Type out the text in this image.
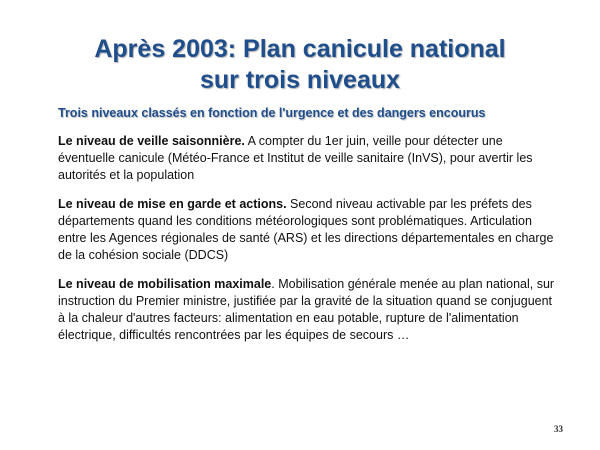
Après 2003: Plan canicule national
sur trois niveaux
Trois niveaux classés en fonction de l'urgence et des dangers encourus

Le niveau de veille saisonnière. A compter du 1er juin, veille pour détecter une éventuelle canicule (Météo-France et Institut de veille sanitaire (InVS), pour avertir les autorités et la population

Le niveau de mise en garde et actions. Second niveau activable par les préfets des départements quand les conditions météorologiques sont problématiques. Articulation entre les Agences régionales de santé (ARS) et les directions départementales en charge de la cohésion sociale (DDCS)

Le niveau de mobilisation maximale. Mobilisation générale menée au plan national, sur instruction du Premier ministre, justifiée par la gravité de la situation quand se conjuguent à la chaleur d'autres facteurs: alimentation en eau potable, rupture de l'alimentation électrique, difficultés rencontrées par les équipes de secours …

33
